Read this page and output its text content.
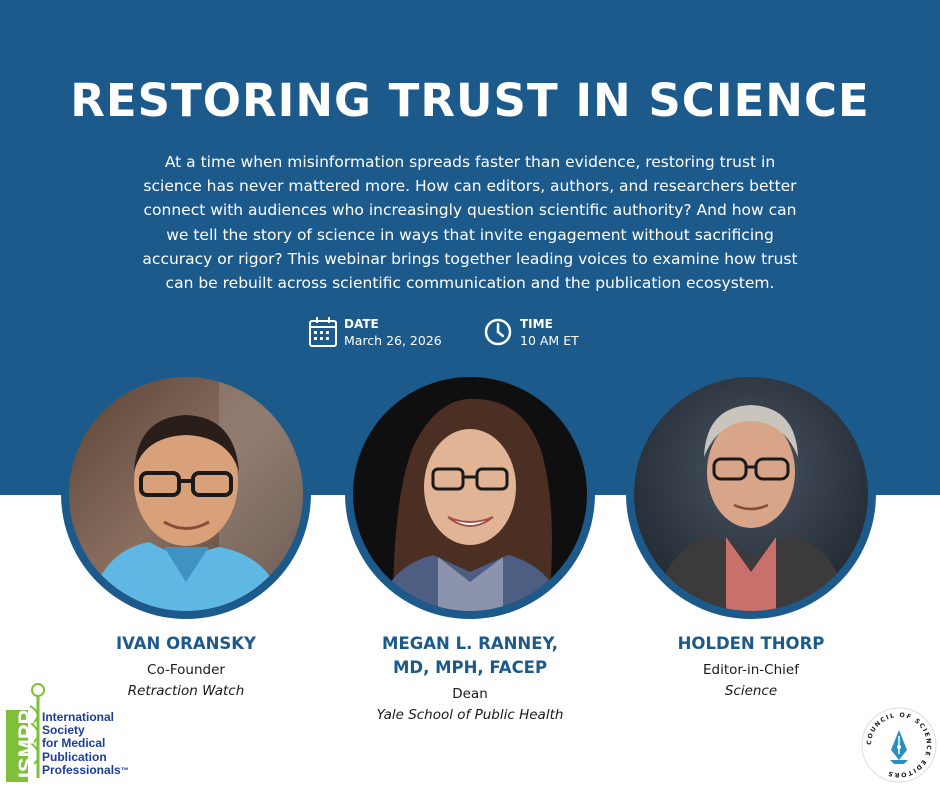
RESTORING TRUST IN SCIENCE
At a time when misinformation spreads faster than evidence, restoring trust in
science has never mattered more. How can editors, authors, and researchers better
connect with audiences who increasingly question scientific authority? And how can
we tell the story of science in ways that invite engagement without sacrificing
accuracy or rigor? This webinar brings together leading voices to examine how trust
can be rebuilt across scientific communication and the publication ecosystem.
DATE
March 26, 2026
TIME
10 AM ET
IVAN ORANSKY
Co-Founder
Retraction Watch
MEGAN L. RANNEY,
MD, MPH, FACEP
Dean
Yale School of Public Health
HOLDEN THORP
Editor-in-Chief
Science
ISMPP International
Society
for Medical
Publication
Professionals™
COUNCIL OF SCIENCE EDITORS
